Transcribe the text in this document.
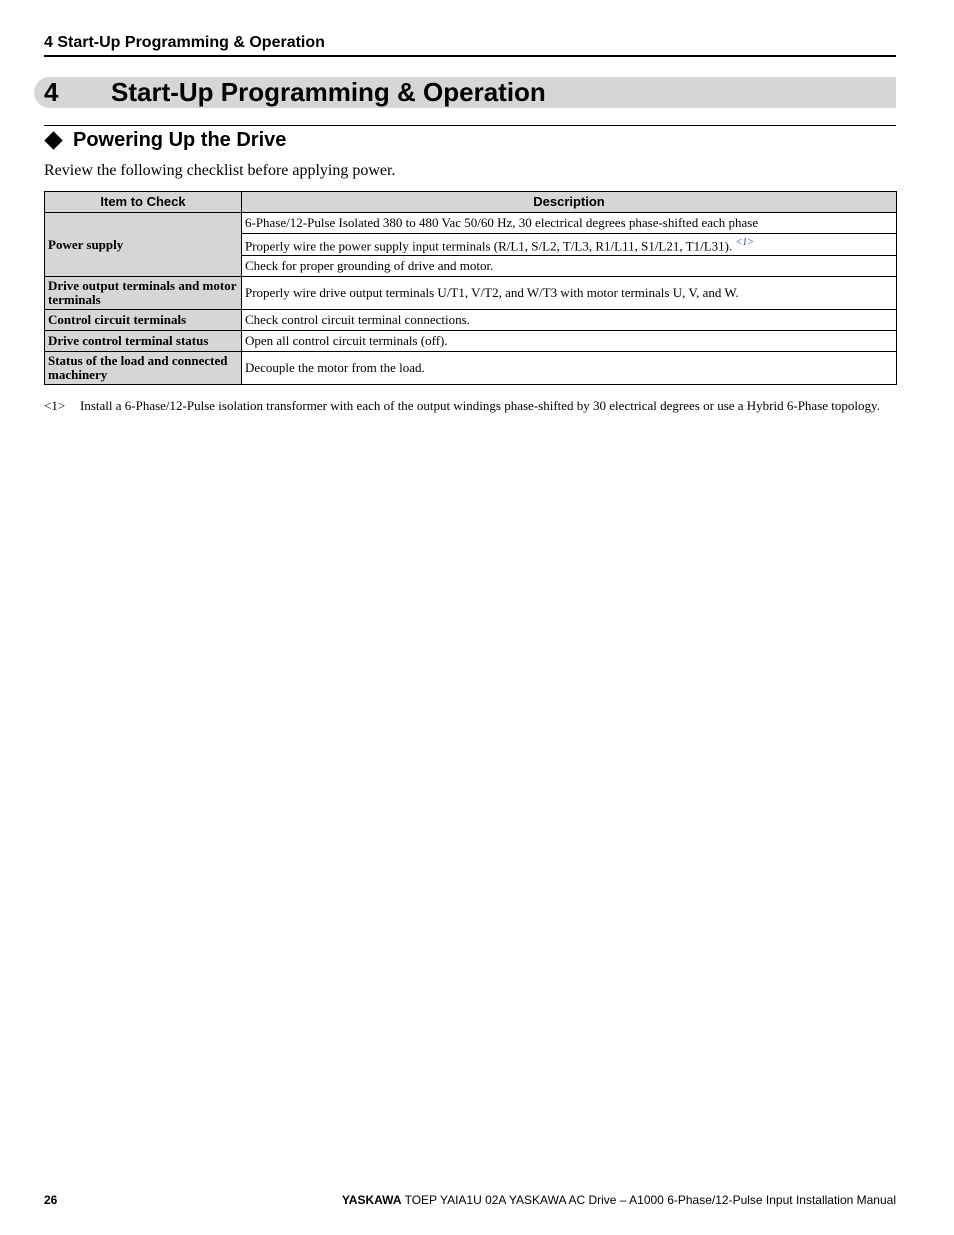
4 Start-Up Programming & Operation
4 Start-Up Programming & Operation
Powering Up the Drive
Review the following checklist before applying power.
Item to Check	Description
Power supply	6-Phase/12-Pulse Isolated 380 to 480 Vac 50/60 Hz, 30 electrical degrees phase-shifted each phase
	Properly wire the power supply input terminals (R/L1, S/L2, T/L3, R1/L11, S1/L21, T1/L31). $^{<1>}$
	Check for proper grounding of drive and motor.
Drive output terminals and motor terminals	Properly wire drive output terminals U/T1, V/T2, and W/T3 with motor terminals U, V, and W.
Control circuit terminals	Check control circuit terminal connections.
Drive control terminal status	Open all control circuit terminals (off).
Status of the load and connected machinery	Decouple the motor from the load.
<1> Install a 6-Phase/12-Pulse isolation transformer with each of the output windings phase-shifted by 30 electrical degrees or use a Hybrid 6-Phase topology.
26	YASKAWA TOEP YAIA1U 02A YASKAWA AC Drive – A1000 6-Phase/12-Pulse Input Installation Manual
